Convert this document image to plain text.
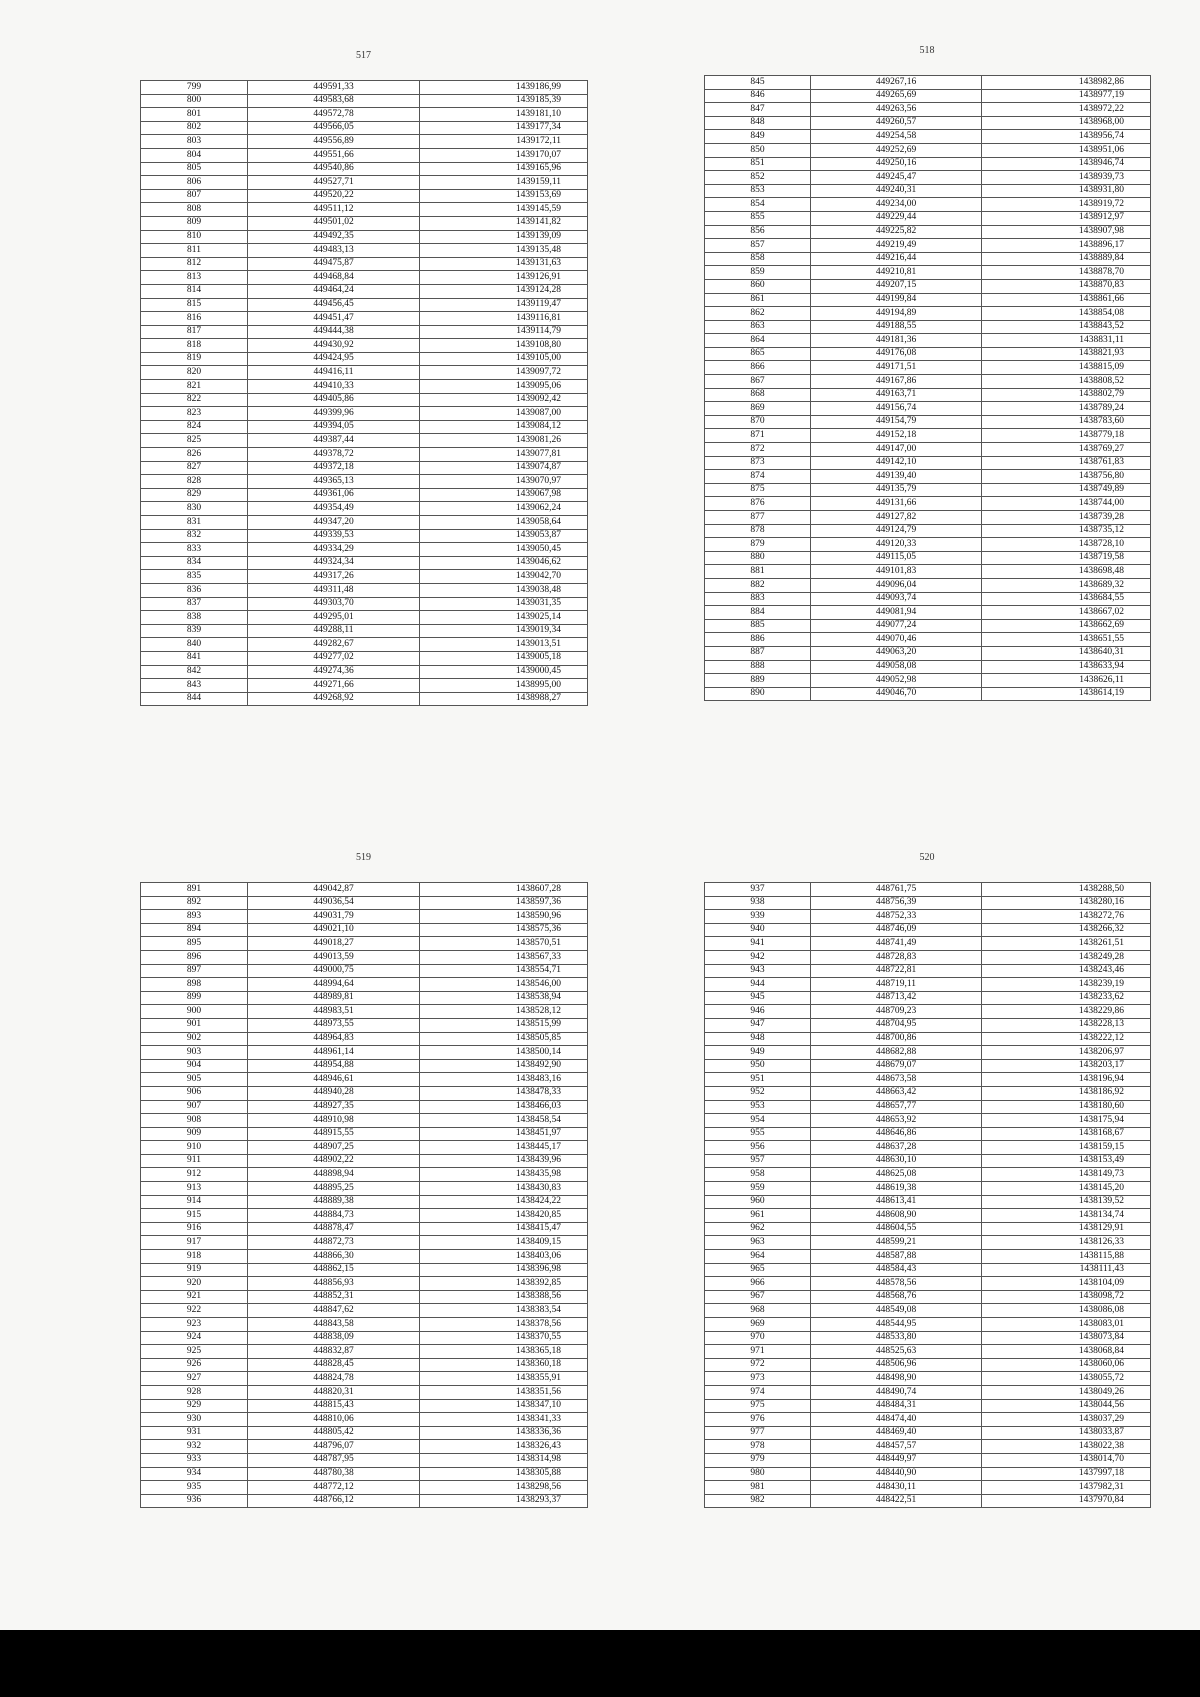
517
799	449591,33	1439186,99
800	449583,68	1439185,39
801	449572,78	1439181,10
802	449566,05	1439177,34
803	449556,89	1439172,11
804	449551,66	1439170,07
805	449540,86	1439165,96
806	449527,71	1439159,11
807	449520,22	1439153,69
808	449511,12	1439145,59
809	449501,02	1439141,82
810	449492,35	1439139,09
811	449483,13	1439135,48
812	449475,87	1439131,63
813	449468,84	1439126,91
814	449464,24	1439124,28
815	449456,45	1439119,47
816	449451,47	1439116,81
817	449444,38	1439114,79
818	449430,92	1439108,80
819	449424,95	1439105,00
820	449416,11	1439097,72
821	449410,33	1439095,06
822	449405,86	1439092,42
823	449399,96	1439087,00
824	449394,05	1439084,12
825	449387,44	1439081,26
826	449378,72	1439077,81
827	449372,18	1439074,87
828	449365,13	1439070,97
829	449361,06	1439067,98
830	449354,49	1439062,24
831	449347,20	1439058,64
832	449339,53	1439053,87
833	449334,29	1439050,45
834	449324,34	1439046,62
835	449317,26	1439042,70
836	449311,48	1439038,48
837	449303,70	1439031,35
838	449295,01	1439025,14
839	449288,11	1439019,34
840	449282,67	1439013,51
841	449277,02	1439005,18
842	449274,36	1439000,45
843	449271,66	1438995,00
844	449268,92	1438988,27
518
845	449267,16	1438982,86
846	449265,69	1438977,19
847	449263,56	1438972,22
848	449260,57	1438968,00
849	449254,58	1438956,74
850	449252,69	1438951,06
851	449250,16	1438946,74
852	449245,47	1438939,73
853	449240,31	1438931,80
854	449234,00	1438919,72
855	449229,44	1438912,97
856	449225,82	1438907,98
857	449219,49	1438896,17
858	449216,44	1438889,84
859	449210,81	1438878,70
860	449207,15	1438870,83
861	449199,84	1438861,66
862	449194,89	1438854,08
863	449188,55	1438843,52
864	449181,36	1438831,11
865	449176,08	1438821,93
866	449171,51	1438815,09
867	449167,86	1438808,52
868	449163,71	1438802,79
869	449156,74	1438789,24
870	449154,79	1438783,60
871	449152,18	1438779,18
872	449147,00	1438769,27
873	449142,10	1438761,83
874	449139,40	1438756,80
875	449135,79	1438749,89
876	449131,66	1438744,00
877	449127,82	1438739,28
878	449124,79	1438735,12
879	449120,33	1438728,10
880	449115,05	1438719,58
881	449101,83	1438698,48
882	449096,04	1438689,32
883	449093,74	1438684,55
884	449081,94	1438667,02
885	449077,24	1438662,69
886	449070,46	1438651,55
887	449063,20	1438640,31
888	449058,08	1438633,94
889	449052,98	1438626,11
890	449046,70	1438614,19
519
891	449042,87	1438607,28
892	449036,54	1438597,36
893	449031,79	1438590,96
894	449021,10	1438575,36
895	449018,27	1438570,51
896	449013,59	1438567,33
897	449000,75	1438554,71
898	448994,64	1438546,00
899	448989,81	1438538,94
900	448983,51	1438528,12
901	448973,55	1438515,99
902	448964,83	1438505,85
903	448961,14	1438500,14
904	448954,88	1438492,90
905	448946,61	1438483,16
906	448940,28	1438478,33
907	448927,35	1438466,03
908	448910,98	1438458,54
909	448915,55	1438451,97
910	448907,25	1438445,17
911	448902,22	1438439,96
912	448898,94	1438435,98
913	448895,25	1438430,83
914	448889,38	1438424,22
915	448884,73	1438420,85
916	448878,47	1438415,47
917	448872,73	1438409,15
918	448866,30	1438403,06
919	448862,15	1438396,98
920	448856,93	1438392,85
921	448852,31	1438388,56
922	448847,62	1438383,54
923	448843,58	1438378,56
924	448838,09	1438370,55
925	448832,87	1438365,18
926	448828,45	1438360,18
927	448824,78	1438355,91
928	448820,31	1438351,56
929	448815,43	1438347,10
930	448810,06	1438341,33
931	448805,42	1438336,36
932	448796,07	1438326,43
933	448787,95	1438314,98
934	448780,38	1438305,88
935	448772,12	1438298,56
936	448766,12	1438293,37
520
937	448761,75	1438288,50
938	448756,39	1438280,16
939	448752,33	1438272,76
940	448746,09	1438266,32
941	448741,49	1438261,51
942	448728,83	1438249,28
943	448722,81	1438243,46
944	448719,11	1438239,19
945	448713,42	1438233,62
946	448709,23	1438229,86
947	448704,95	1438228,13
948	448700,86	1438222,12
949	448682,88	1438206,97
950	448679,07	1438203,17
951	448673,58	1438196,94
952	448663,42	1438186,92
953	448657,77	1438180,60
954	448653,92	1438175,94
955	448646,86	1438168,67
956	448637,28	1438159,15
957	448630,10	1438153,49
958	448625,08	1438149,73
959	448619,38	1438145,20
960	448613,41	1438139,52
961	448608,90	1438134,74
962	448604,55	1438129,91
963	448599,21	1438126,33
964	448587,88	1438115,88
965	448584,43	1438111,43
966	448578,56	1438104,09
967	448568,76	1438098,72
968	448549,08	1438086,08
969	448544,95	1438083,01
970	448533,80	1438073,84
971	448525,63	1438068,84
972	448506,96	1438060,06
973	448498,90	1438055,72
974	448490,74	1438049,26
975	448484,31	1438044,56
976	448474,40	1438037,29
977	448469,40	1438033,87
978	448457,57	1438022,38
979	448449,97	1438014,70
980	448440,90	1437997,18
981	448430,11	1437982,31
982	448422,51	1437970,84
